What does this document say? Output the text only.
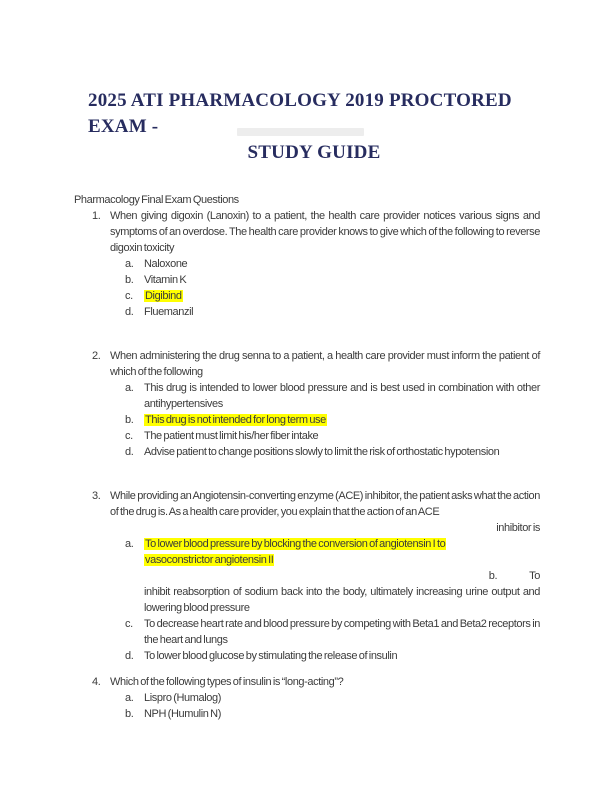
2025 ATI PHARMACOLOGY 2019 PROCTORED
EXAM -
STUDY GUIDE
Pharmacology Final Exam Questions
1. When giving digoxin (Lanoxin) to a patient, the health care provider notices various signs and symptoms of an overdose. The health care provider knows to give which of the following to reverse digoxin toxicity
a. Naloxone
b. Vitamin K
c.	Digibind
d. Fluemanzil
2. When administering the drug senna to a patient, a health care provider must inform the patient of which of the following
a. This drug is intended to lower blood pressure and is best used in combination with other antihypertensives
b.	This drug is not intended for long term use
c.	The patient must limit his/her fiber intake
d. Advise patient to change positions slowly to limit the risk of orthostatic hypotension
3. While providing an Angiotensin-converting enzyme (ACE) inhibitor, the patient asks what the action of the drug is. As a health care provider, you explain that the action of an ACE
inhibitor is
a.	To lower blood pressure by blocking the conversion of angiotensin I to
vasoconstrictor angiotensin II
b.	To
inhibit reabsorption of sodium back into the body, ultimately increasing urine output and lowering blood pressure
c.	To decrease heart rate and blood pressure by competing with Beta1 and Beta2 receptors in the heart and lungs
d. To lower blood glucose by stimulating the release of insulin
4. Which of the following types of insulin is “long-acting”?
a. Lispro (Humalog)
b. NPH (Humulin N)
